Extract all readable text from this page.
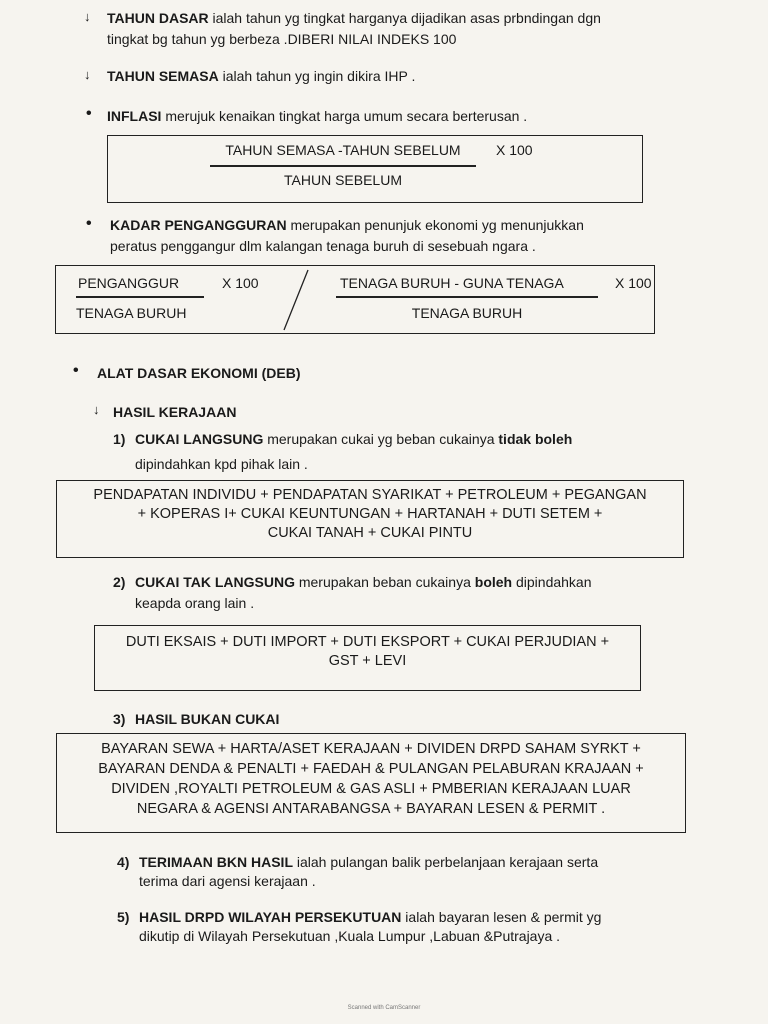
↓ TAHUN DASAR ialah tahun yg tingkat harganya dijadikan asas prbndingan dgn
tingkat bg tahun yg berbeza .DIBERI NILAI INDEKS 100
↓ TAHUN SEMASA ialah tahun yg ingin dikira IHP .
• INFLASI merujuk kenaikan tingkat harga umum secara berterusan .
TAHUN SEMASA -TAHUN SEBELUM	X 100
TAHUN SEBELUM
• KADAR PENGANGGURAN merupakan penunjuk ekonomi yg menunjukkan
peratus penggangur dlm kalangan tenaga buruh di sesebuah ngara .
PENGANGGUR	X 100
TENAGA BURUH
TENAGA BURUH - GUNA TENAGA	X 100
TENAGA BURUH
• ALAT DASAR EKONOMI (DEB)
↓ HASIL KERAJAAN
1) CUKAI LANGSUNG merupakan cukai yg beban cukainya tidak boleh
dipindahkan kpd pihak lain .
PENDAPATAN INDIVIDU + PENDAPATAN SYARIKAT + PETROLEUM + PEGANGAN
+ KOPERAS I+ CUKAI KEUNTUNGAN + HARTANAH + DUTI SETEM +
CUKAI TANAH + CUKAI PINTU
2) CUKAI TAK LANGSUNG merupakan beban cukainya boleh dipindahkan
keapda orang lain .
DUTI EKSAIS + DUTI IMPORT + DUTI EKSPORT + CUKAI PERJUDIAN +
GST + LEVI
3) HASIL BUKAN CUKAI
BAYARAN SEWA + HARTA/ASET KERAJAAN + DIVIDEN DRPD SAHAM SYRKT +
BAYARAN DENDA & PENALTI + FAEDAH & PULANGAN PELABURAN KRAJAAN +
DIVIDEN ,ROYALTI PETROLEUM & GAS ASLI + PMBERIAN KERAJAAN LUAR
NEGARA & AGENSI ANTARABANGSA + BAYARAN LESEN & PERMIT .
4) TERIMAAN BKN HASIL ialah pulangan balik perbelanjaan kerajaan serta
terima dari agensi kerajaan .
5) HASIL DRPD WILAYAH PERSEKUTUAN ialah bayaran lesen & permit yg
dikutip di Wilayah Persekutuan ,Kuala Lumpur ,Labuan &Putrajaya .
Scanned with CamScanner
